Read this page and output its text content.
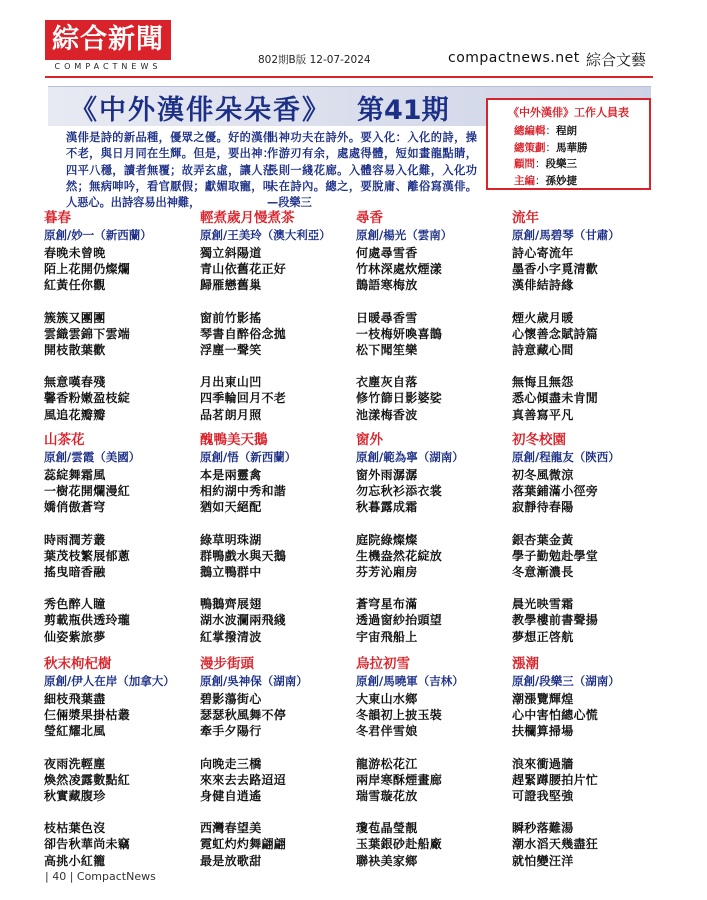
綜合新聞
COMPACTNEWS
802期B版 12-07-2024	compactnews.net 綜合文藝
《中外漢俳朵朵香》 第41期	《中外漢俳》工作人員表
總編輯：程朗
總策劃：馬華勝
顧問：段樂三
主編：孫妙捷
漢俳是詩的新品種，優眾之優。好的漢俳不老，與日月同在生輝。但是，要出神：四平八穩，讀者無覆；故弄玄虛，讓人茫然；無病呻吟，看官厭假；獻媚取寵，叫人惡心。出詩容易出神難，
出神功夫在詩外。要入化：入化的詩，操作游刃有余，處處得體，短如畫龍點睛，長則一綫花廊。入體容易入化難，入化功夫在詩內。總之，要脫庸、離俗寫漢俳。—段樂三
暮春
原創/妙一（新西蘭）
春晚未曾晚
陌上花開仍燦爛
紅黃任你觀
簇簇又團團
雲織雲錦下雲端
開枝散葉歡
無意嘆春殘
馨香粉嫩盈枝綻
風追花瓣瓣
輕煮歲月慢煮茶
原創/王美玲（澳大利亞）
獨立斜陽道
青山依舊花正好
歸雁戀舊巢
窗前竹影搖
琴書自醉俗念拋
浮塵一聲笑
月出東山凹
四季輪回月不老
品茗朗月照
尋香
原創/楊光（雲南）
何處尋雪香
竹林深處炊煙漾
鵲語寒梅放
日暖尋香雪
一枝梅妍喚喜鵲
松下聞笙樂
衣塵灰自落
修竹篩日影婆娑
池漾梅香波
流年
原創/馬碧琴（甘肅）
詩心寄流年
墨香小字覓清歡
漢俳結詩緣
煙火歲月暖
心懷善念賦詩篇
詩意藏心間
無悔且無怨
悉心傾盡未肯閒
真善寫平凡
山茶花
原創/雲霞（美國）
蕊綻舞霜風
一樹花開爛漫紅
嬌俏傲蒼穹
時雨潤芳叢
葉茂枝繁展郁蔥
搖曳暗香融
秀色醉人瞳
剪載瓶供透玲瓏
仙姿紫旅夢
醜鴨美天鵝
原創/悟（新西蘭）
本是兩靈禽
相約湖中秀和諧
猶如天絕配
綠草明珠湖
群鴨戲水與天鵝
鵝立鴨群中
鴨鵝齊展翅
湖水波瀾兩飛綫
紅掌撥清波
窗外
原創/範為寧（湖南）
窗外雨潺潺
勿忘秋衫添衣裳
秋暮露成霜
庭院綠燦燦
生機盎然花綻放
芬芳沁廂房
蒼穹星布滿
透過窗紗抬頭望
宇宙飛船上
初冬校園
原創/程龍友（陝西）
初冬風微涼
落葉鋪滿小徑旁
寂靜待春陽
銀杏葉金黃
學子勤勉赴學堂
冬意漸濃長
晨光映雪霜
教學樓前書聲揚
夢想正啓航
秋末枸杞樹
原創/伊人在岸（加拿大）
細枝飛葉盡
仨倆漿果掛枯叢
瑩紅耀北風
夜雨洗輕塵
煥然凌露數點紅
秋實藏腹珍
枝枯葉色沒
卻告秋華尚未竊
高挑小紅籠
漫步街頭
原創/吳神保（湖南）
碧影蕩街心
瑟瑟秋風舞不停
牽手夕陽行
向晚走三橋
來來去去路迢迢
身健自逍遙
西灣春望美
霓虹灼灼舞翩翩
最是放歌甜
烏拉初雪
原創/馬曉軍（吉林）
大東山水鄉
冬韻初上披玉裝
冬君伴雪娘
龍游松花江
兩岸寒酥煙畫廊
瑞雪璇花放
瓊苞晶瑩靚
玉葉銀砂赴船廠
聯袂美家鄉
漲潮
原創/段樂三（湖南）
潮漲覽輝煌
心中害怕總心慌
扶欄算掃場
浪來衝過牆
趕緊蹲腰拍片忙
可證我堅強
瞬秒落難湯
潮水滔天幾盡狂
就怕變汪洋
| 40 | CompactNews
